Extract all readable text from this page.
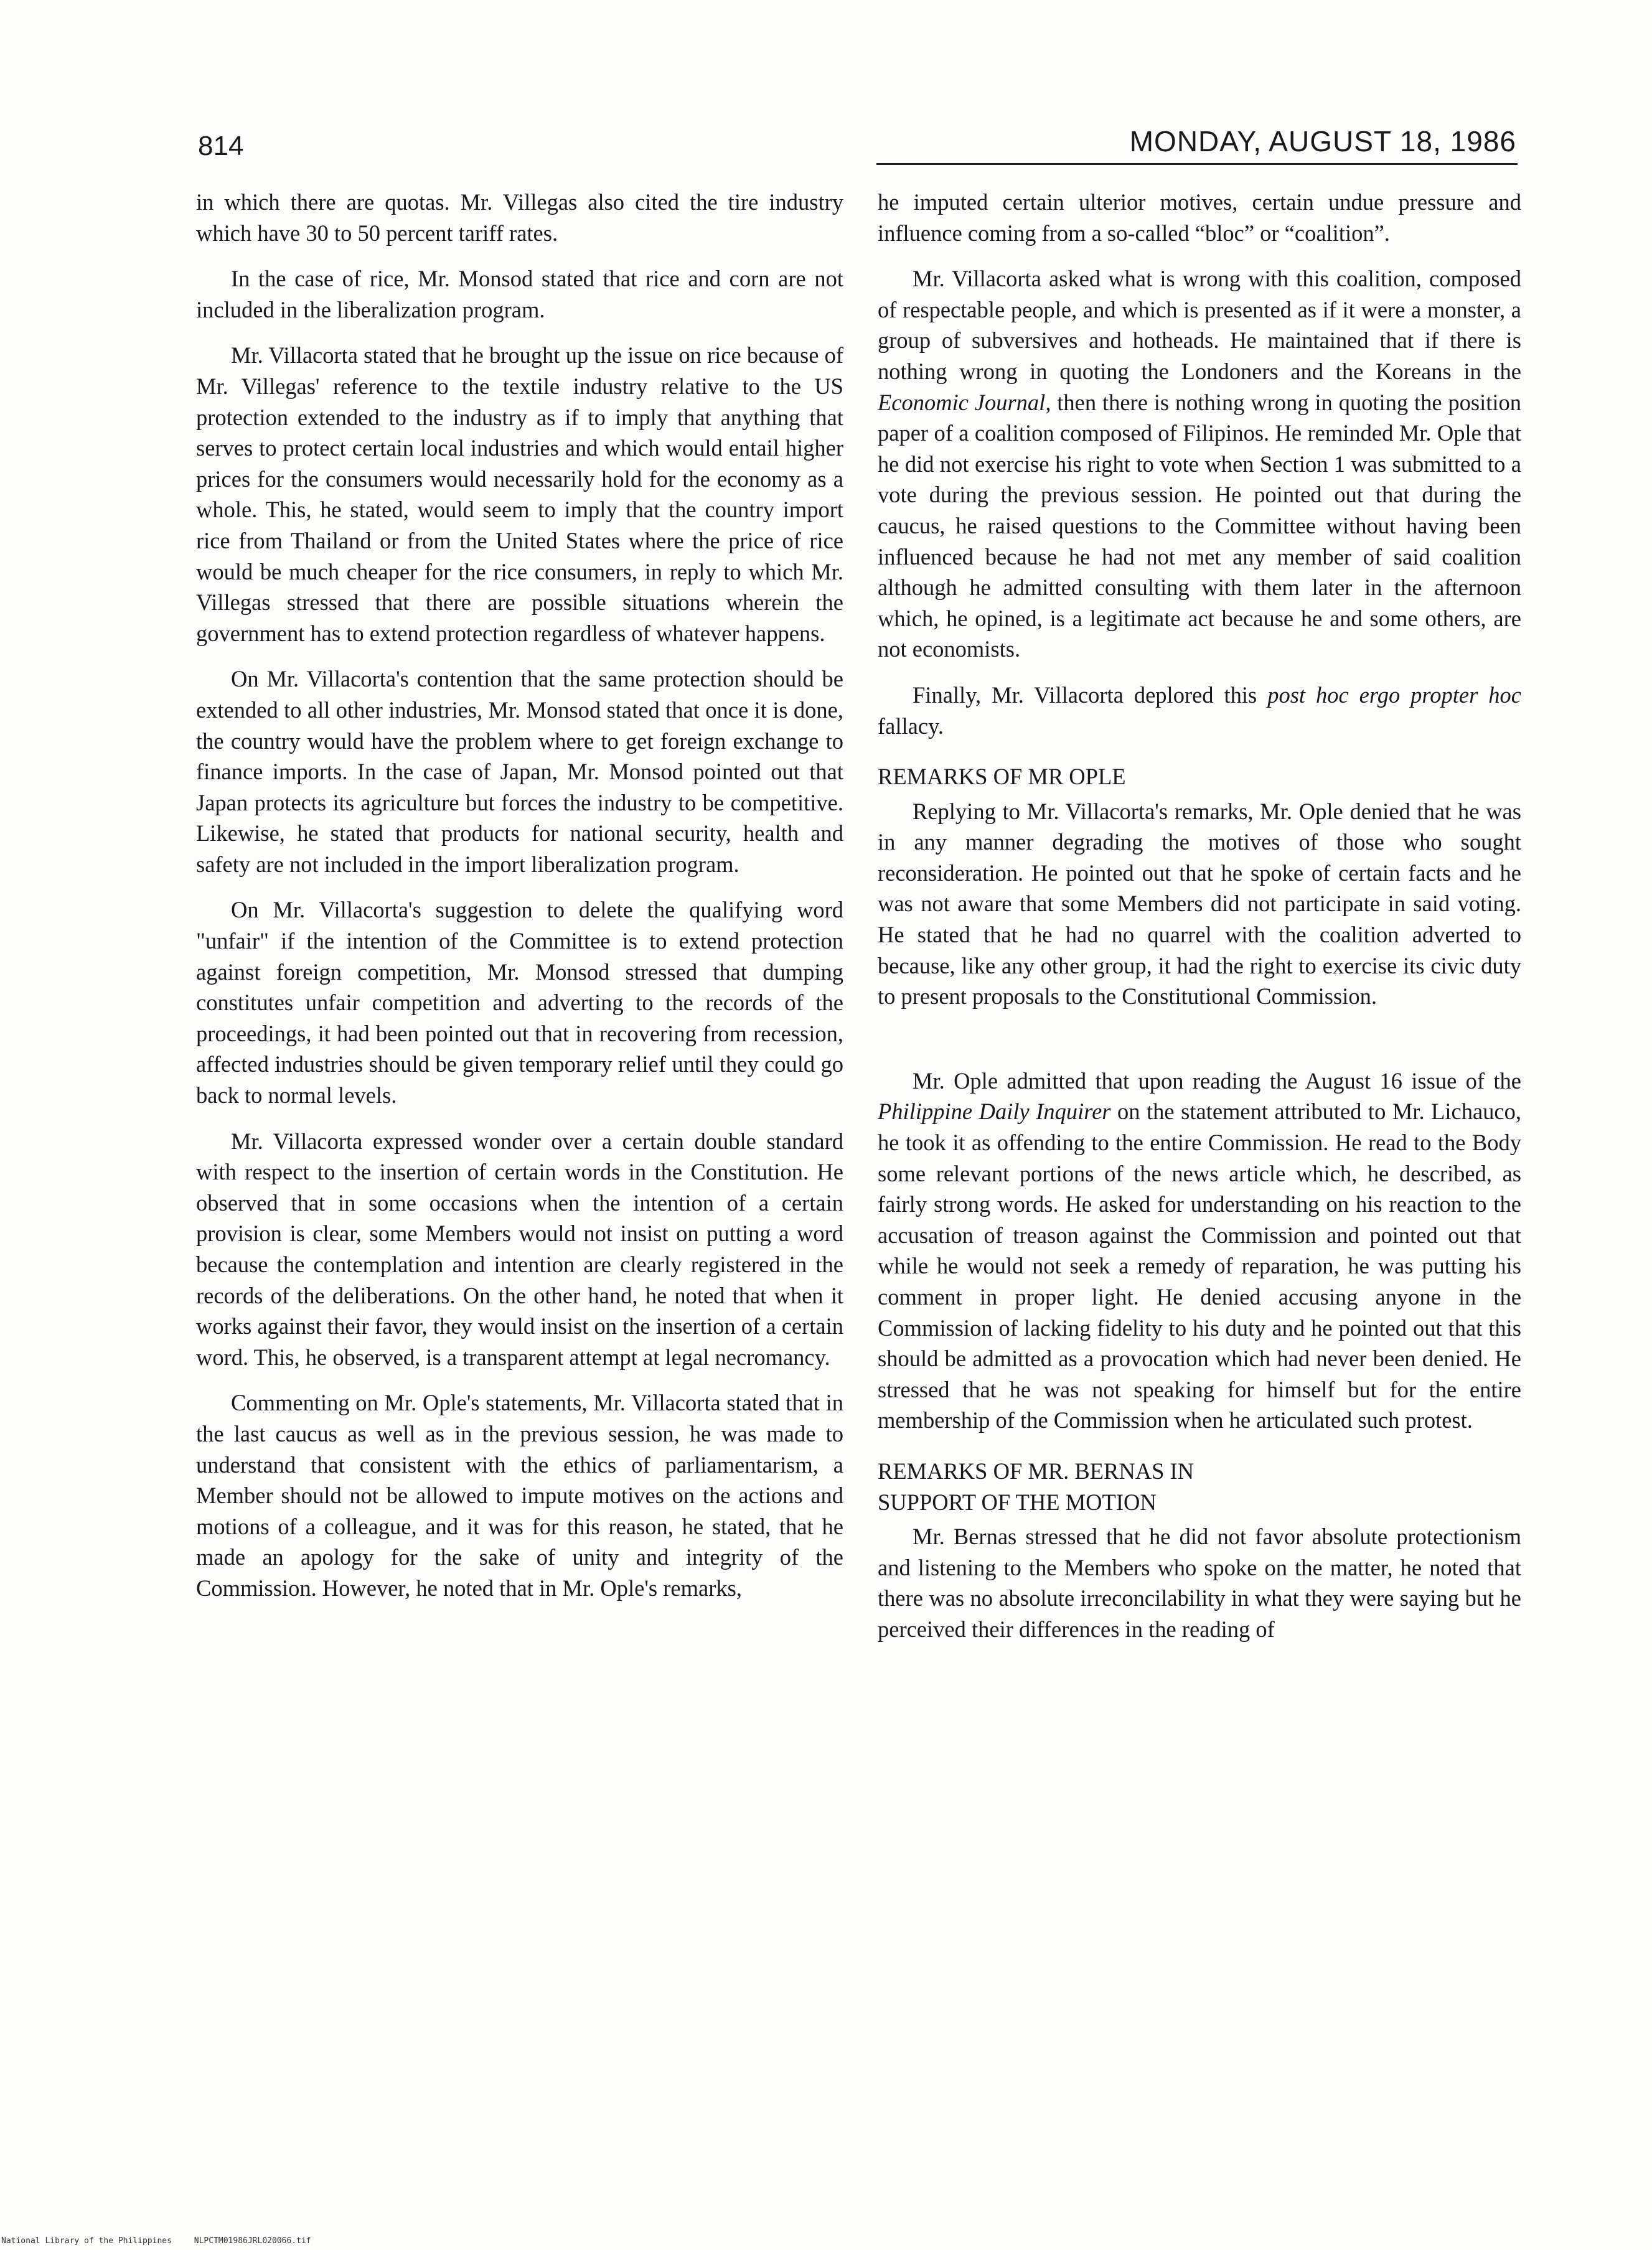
814	MONDAY, AUGUST 18, 1986

in which there are quotas. Mr. Villegas also cited the tire industry which have 30 to 50 percent tariff rates.

In the case of rice, Mr. Monsod stated that rice and corn are not included in the liberalization program.

Mr. Villacorta stated that he brought up the issue on rice because of Mr. Villegas' reference to the textile industry relative to the US protection extended to the industry as if to imply that anything that serves to protect certain local industries and which would entail higher prices for the consumers would necessarily hold for the economy as a whole. This, he stated, would seem to imply that the country import rice from Thailand or from the United States where the price of rice would be much cheaper for the rice consumers, in reply to which Mr. Villegas stressed that there are possible situations wherein the government has to extend protection regardless of whatever happens.

On Mr. Villacorta's contention that the same protection should be extended to all other industries, Mr. Monsod stated that once it is done, the country would have the problem where to get foreign exchange to finance imports. In the case of Japan, Mr. Monsod pointed out that Japan protects its agriculture but forces the industry to be competitive. Likewise, he stated that products for national security, health and safety are not included in the import liberalization program.

On Mr. Villacorta's suggestion to delete the qualifying word "unfair" if the intention of the Committee is to extend protection against foreign competition, Mr. Monsod stressed that dumping constitutes unfair competition and adverting to the records of the proceedings, it had been pointed out that in recovering from recession, affected industries should be given temporary relief until they could go back to normal levels.

Mr. Villacorta expressed wonder over a certain double standard with respect to the insertion of certain words in the Constitution. He observed that in some occasions when the intention of a certain provision is clear, some Members would not insist on putting a word because the contemplation and intention are clearly registered in the records of the deliberations. On the other hand, he noted that when it works against their favor, they would insist on the insertion of a certain word. This, he observed, is a transparent attempt at legal necromancy.

Commenting on Mr. Ople's statements, Mr. Villacorta stated that in the last caucus as well as in the previous session, he was made to understand that consistent with the ethics of parliamentarism, a Member should not be allowed to impute motives on the actions and motions of a colleague, and it was for this reason, he stated, that he made an apology for the sake of unity and integrity of the Commission. However, he noted that in Mr. Ople's remarks,

he imputed certain ulterior motives, certain undue pressure and influence coming from a so-called “bloc” or “coalition”.

Mr. Villacorta asked what is wrong with this coalition, composed of respectable people, and which is presented as if it were a monster, a group of subversives and hotheads. He maintained that if there is nothing wrong in quoting the Londoners and the Koreans in the Economic Journal, then there is nothing wrong in quoting the position paper of a coalition composed of Filipinos. He reminded Mr. Ople that he did not exercise his right to vote when Section 1 was submitted to a vote during the previous session. He pointed out that during the caucus, he raised questions to the Committee without having been influenced because he had not met any member of said coalition although he admitted consulting with them later in the afternoon which, he opined, is a legitimate act because he and some others, are not economists.

Finally, Mr. Villacorta deplored this post hoc ergo propter hoc fallacy.

REMARKS OF MR OPLE

Replying to Mr. Villacorta's remarks, Mr. Ople denied that he was in any manner degrading the motives of those who sought reconsideration. He pointed out that he spoke of certain facts and he was not aware that some Members did not participate in said voting. He stated that he had no quarrel with the coalition adverted to because, like any other group, it had the right to exercise its civic duty to present proposals to the Constitutional Commission.

Mr. Ople admitted that upon reading the August 16 issue of the Philippine Daily Inquirer on the statement attributed to Mr. Lichauco, he took it as offending to the entire Commission. He read to the Body some relevant portions of the news article which, he described, as fairly strong words. He asked for understanding on his reaction to the accusation of treason against the Commission and pointed out that while he would not seek a remedy of reparation, he was putting his comment in proper light. He denied accusing anyone in the Commission of lacking fidelity to his duty and he pointed out that this should be admitted as a provocation which had never been denied. He stressed that he was not speaking for himself but for the entire membership of the Commission when he articulated such protest.

REMARKS OF MR. BERNAS IN
SUPPORT OF THE MOTION

Mr. Bernas stressed that he did not favor absolute protectionism and listening to the Members who spoke on the matter, he noted that there was no absolute irreconcilability in what they were saying but he perceived their differences in the reading of

National Library of the Philippines	NLPCTM01986JRL020066.tif
